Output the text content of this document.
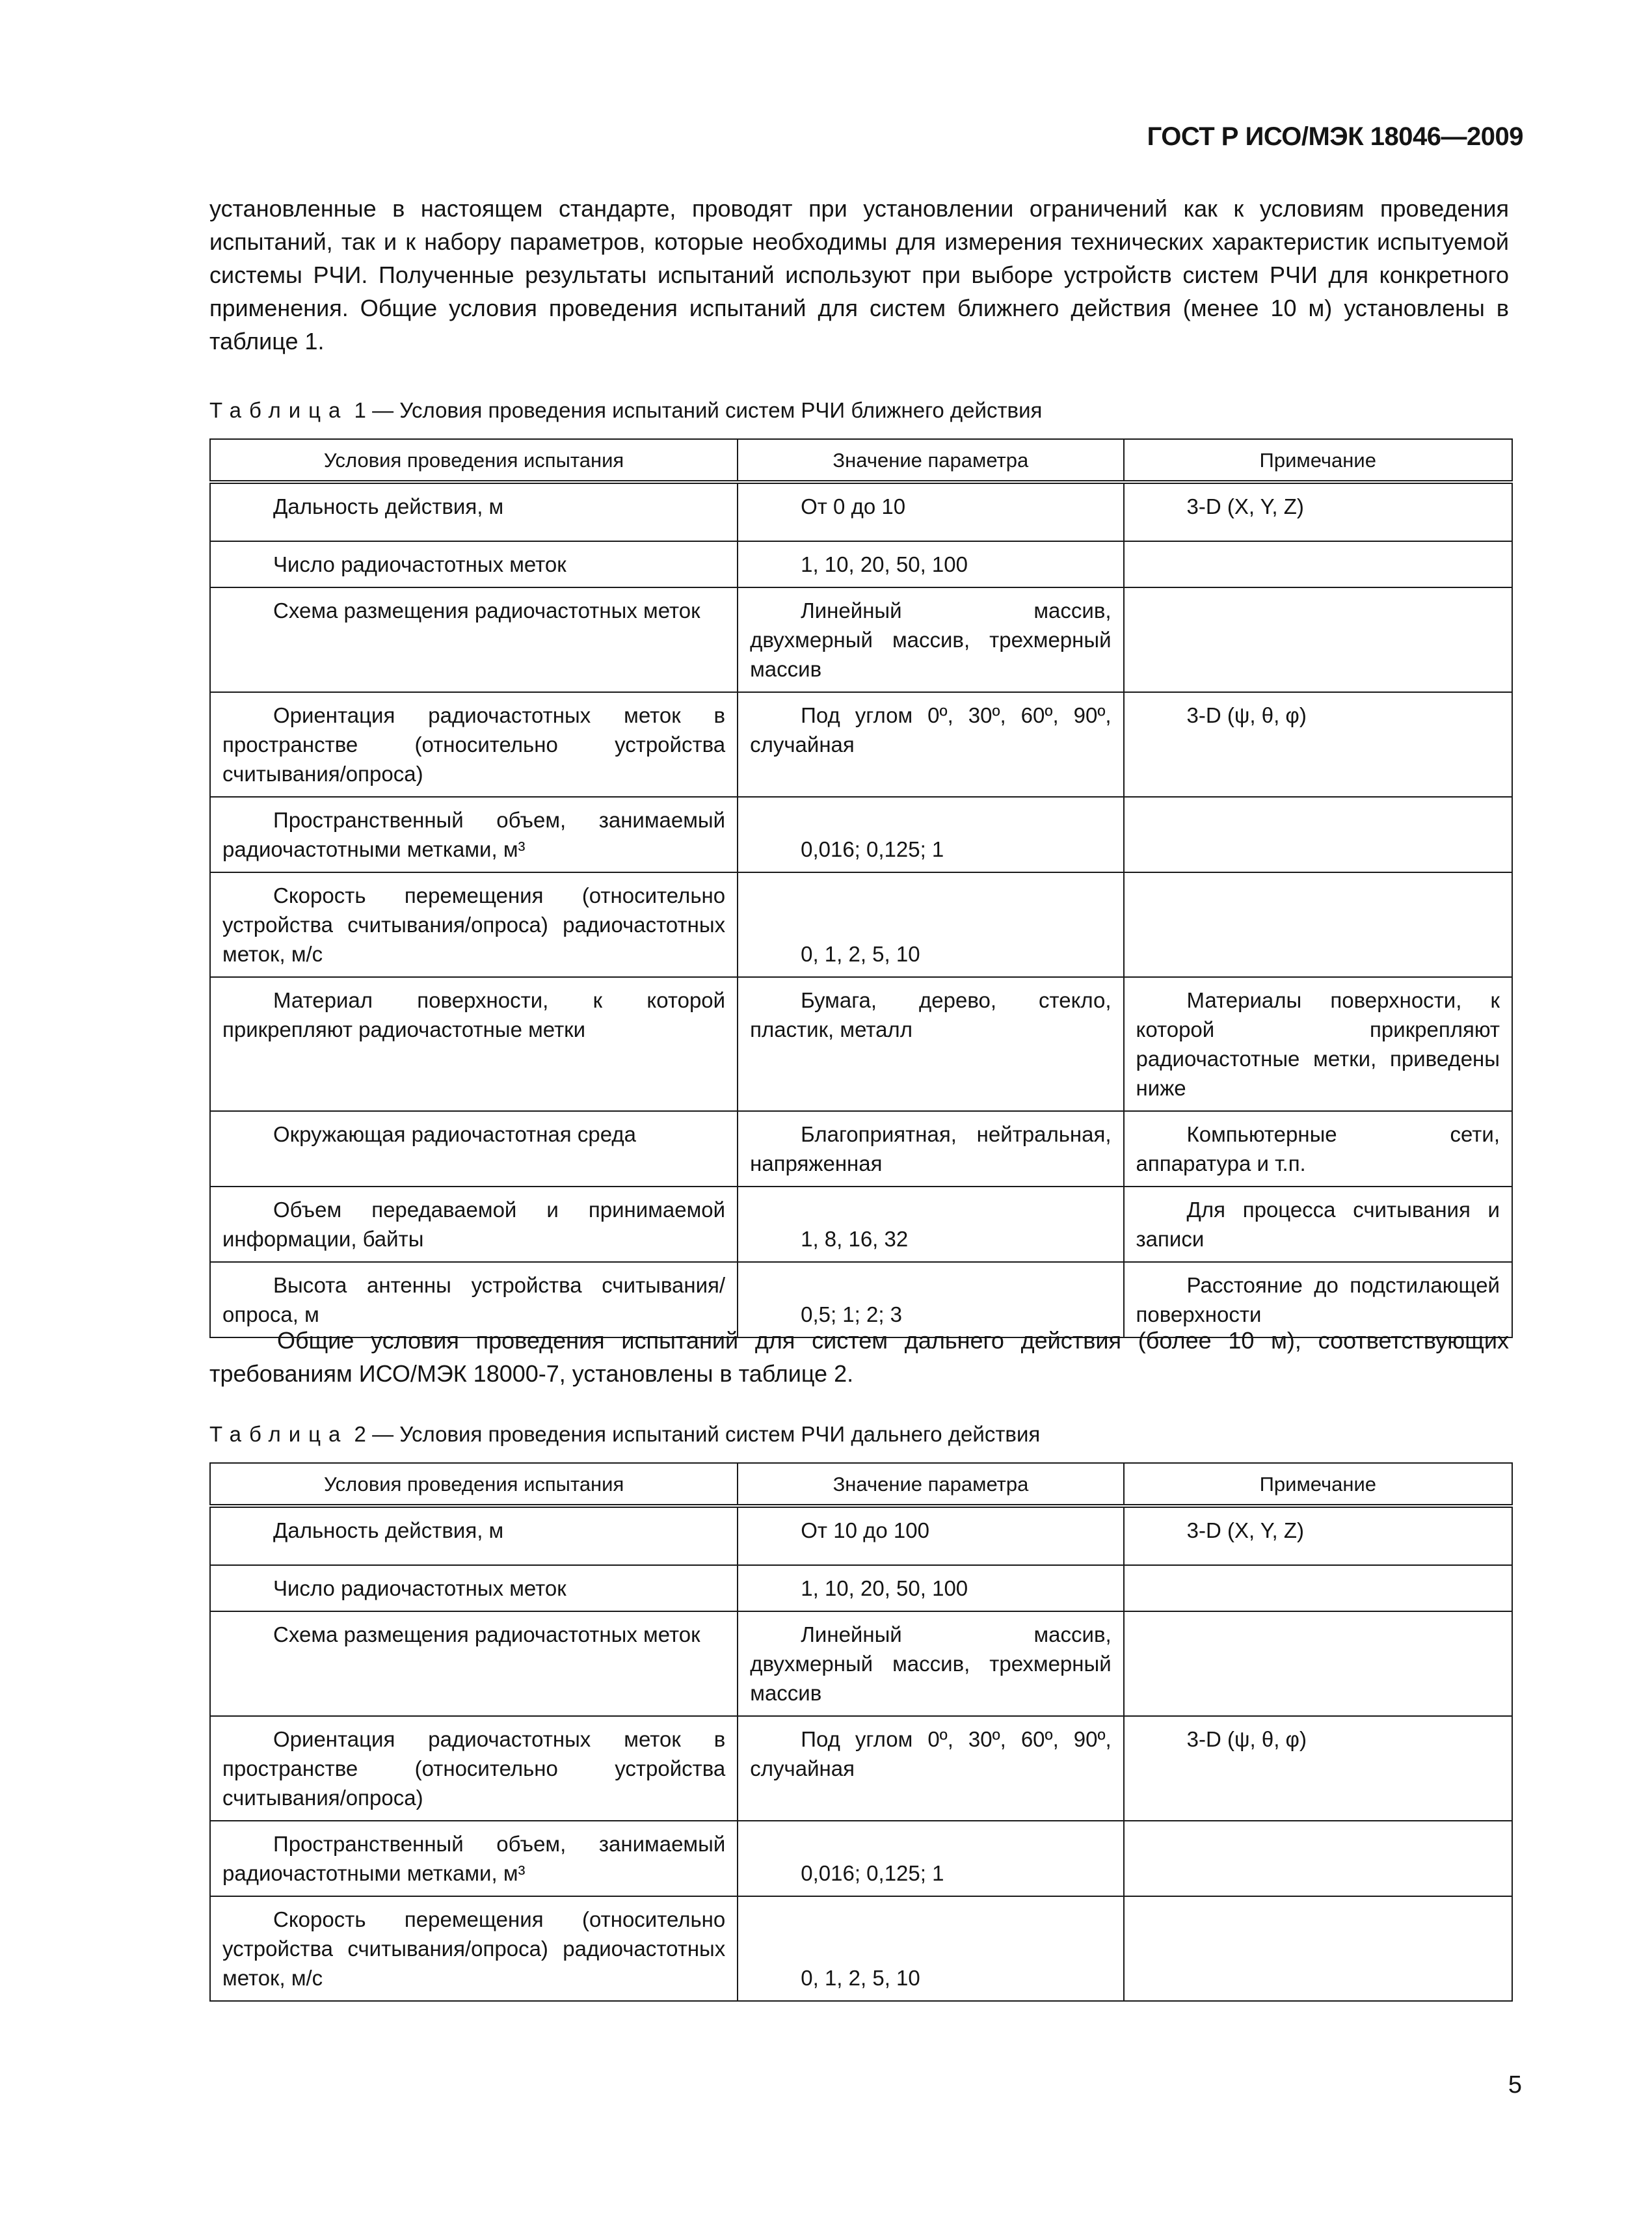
ГОСТ Р ИСО/МЭК 18046—2009

установленные в настоящем стандарте, проводят при установлении ограничений как к условиям проведения испытаний, так и к набору параметров, которые необходимы для измерения технических характеристик испытуемой системы РЧИ. Полученные результаты испытаний используют при выборе устройств систем РЧИ для конкретного применения. Общие условия проведения испытаний для систем ближнего действия (менее 10 м) установлены в таблице 1.

Таблица 1 — Условия проведения испытаний систем РЧИ ближнего действия
Условия проведения испытания	Значение параметра	Примечание
Дальность действия, м	От 0 до 10	3-D (X, Y, Z)
Число радиочастотных меток	1, 10, 20, 50, 100	
Схема размещения радиочастотных меток	Линейный массив, двухмерный массив, трехмерный массив	
Ориентация радиочастотных меток в пространстве (относительно устройства считывания/опроса)	Под углом 0º, 30º, 60º, 90º, случайная	3-D (ψ, θ, φ)
Пространственный объем, занимаемый радиочастотными метками, м³	0,016; 0,125; 1	
Скорость перемещения (относительно устройства считывания/опроса) радиочастотных меток, м/с	0, 1, 2, 5, 10	
Материал поверхности, к которой прикрепляют радиочастотные метки	Бумага, дерево, стекло, пластик, металл	Материалы поверхности, к которой прикрепляют радиочастотные метки, приведены ниже
Окружающая радиочастотная среда	Благоприятная, нейтральная, напряженная	Компьютерные сети, аппаратура и т.п.
Объем передаваемой и принимаемой информации, байты	1, 8, 16, 32	Для процесса считывания и записи
Высота антенны устройства считывания/опроса, м	0,5; 1; 2; 3	Расстояние до подстилающей поверхности

Общие условия проведения испытаний для систем дальнего действия (более 10 м), соответствующих требованиям ИСО/МЭК 18000-7, установлены в таблице 2.

Таблица 2 — Условия проведения испытаний систем РЧИ дальнего действия
Условия проведения испытания	Значение параметра	Примечание
Дальность действия, м	От 10 до 100	3-D (X, Y, Z)
Число радиочастотных меток	1, 10, 20, 50, 100	
Схема размещения радиочастотных меток	Линейный массив, двухмерный массив, трехмерный массив	
Ориентация радиочастотных меток в пространстве (относительно устройства считывания/опроса)	Под углом 0º, 30º, 60º, 90º, случайная	3-D (ψ, θ, φ)
Пространственный объем, занимаемый радиочастотными метками, м³	0,016; 0,125; 1	
Скорость перемещения (относительно устройства считывания/опроса) радиочастотных меток, м/с	0, 1, 2, 5, 10	
5
